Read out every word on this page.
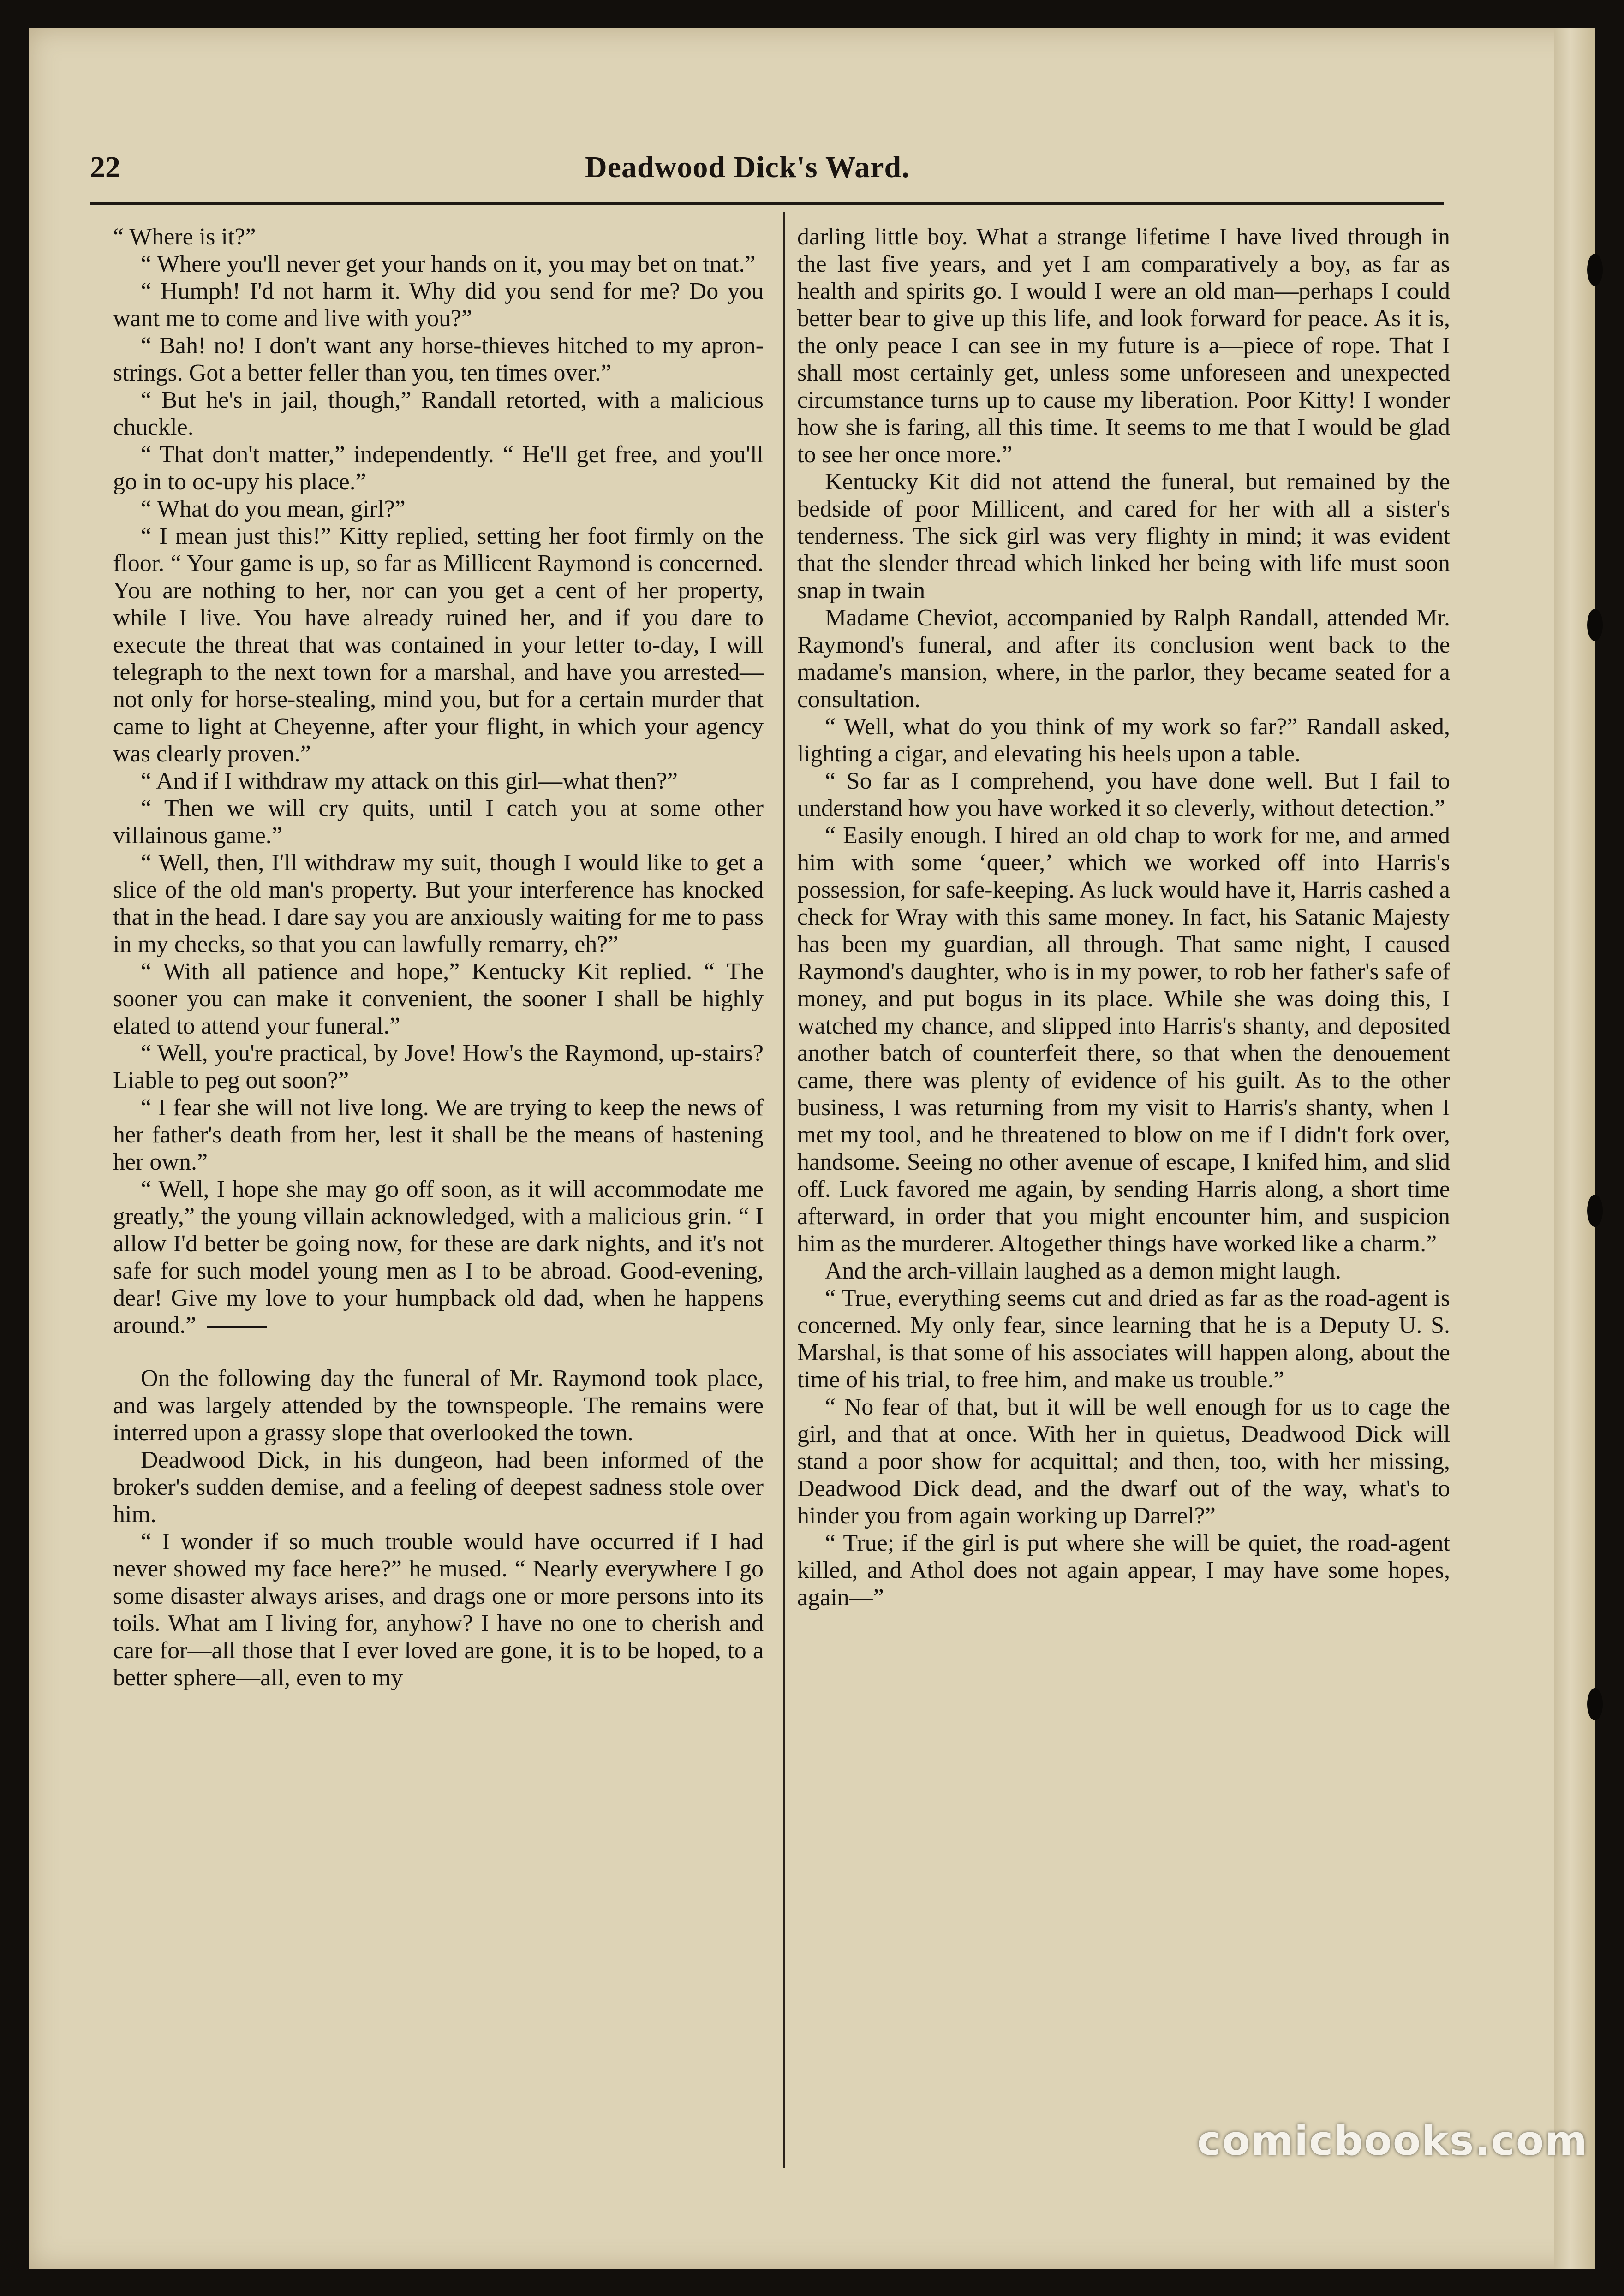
22	Deadwood Dick's Ward.

“ Where is it?”

“ Where you'll never get your hands on it, you may bet on tnat.”

“ Humph! I'd not harm it. Why did you send for me? Do you want me to come and live with you?”

“ Bah! no! I don't want any horse-thieves hitched to my apron-strings. Got a better feller than you, ten times over.”

“ But he's in jail, though,” Randall retorted, with a malicious chuckle.

“ That don't matter,” independently. “ He'll get free, and you'll go in to oc-upy his place.”

“ What do you mean, girl?”

“ I mean just this!” Kitty replied, setting her foot firmly on the floor. “ Your game is up, so far as Millicent Raymond is concerned. You are nothing to her, nor can you get a cent of her property, while I live. You have already ruined her, and if you dare to execute the threat that was contained in your letter to-day, I will telegraph to the next town for a marshal, and have you arrested—not only for horse-stealing, mind you, but for a certain murder that came to light at Cheyenne, after your flight, in which your agency was clearly proven.”

“ And if I withdraw my attack on this girl—what then?”

“ Then we will cry quits, until I catch you at some other villainous game.”

“ Well, then, I'll withdraw my suit, though I would like to get a slice of the old man's property. But your interference has knocked that in the head. I dare say you are anxiously waiting for me to pass in my checks, so that you can lawfully remarry, eh?”

“ With all patience and hope,” Kentucky Kit replied. “ The sooner you can make it convenient, the sooner I shall be highly elated to attend your funeral.”

“ Well, you're practical, by Jove! How's the Raymond, up-stairs? Liable to peg out soon?”

“ I fear she will not live long. We are trying to keep the news of her father's death from her, lest it shall be the means of hastening her own.”

“ Well, I hope she may go off soon, as it will accommodate me greatly,” the young villain acknowledged, with a malicious grin. “ I allow I'd better be going now, for these are dark nights, and it's not safe for such model young men as I to be abroad. Good-evening, dear! Give my love to your humpback old dad, when he happens around.”

On the following day the funeral of Mr. Raymond took place, and was largely attended by the townspeople. The remains were interred upon a grassy slope that overlooked the town.

Deadwood Dick, in his dungeon, had been informed of the broker's sudden demise, and a feeling of deepest sadness stole over him.

“ I wonder if so much trouble would have occurred if I had never showed my face here?” he mused. “ Nearly everywhere I go some disaster always arises, and drags one or more persons into its toils. What am I living for, anyhow? I have no one to cherish and care for—all those that I ever loved are gone, it is to be hoped, to a better sphere—all, even to my

darling little boy. What a strange lifetime I have lived through in the last five years, and yet I am comparatively a boy, as far as health and spirits go. I would I were an old man—perhaps I could better bear to give up this life, and look forward for peace. As it is, the only peace I can see in my future is a—piece of rope. That I shall most certainly get, unless some unforeseen and unexpected circumstance turns up to cause my liberation. Poor Kitty! I wonder how she is faring, all this time. It seems to me that I would be glad to see her once more.”

Kentucky Kit did not attend the funeral, but remained by the bedside of poor Millicent, and cared for her with all a sister's tenderness. The sick girl was very flighty in mind; it was evident that the slender thread which linked her being with life must soon snap in twain

Madame Cheviot, accompanied by Ralph Randall, attended Mr. Raymond's funeral, and after its conclusion went back to the madame's mansion, where, in the parlor, they became seated for a consultation.

“ Well, what do you think of my work so far?” Randall asked, lighting a cigar, and elevating his heels upon a table.

“ So far as I comprehend, you have done well. But I fail to understand how you have worked it so cleverly, without detection.”

“ Easily enough. I hired an old chap to work for me, and armed him with some ‘queer,’ which we worked off into Harris's possession, for safe-keeping. As luck would have it, Harris cashed a check for Wray with this same money. In fact, his Satanic Majesty has been my guardian, all through. That same night, I caused Raymond's daughter, who is in my power, to rob her father's safe of money, and put bogus in its place. While she was doing this, I watched my chance, and slipped into Harris's shanty, and deposited another batch of counterfeit there, so that when the denouement came, there was plenty of evidence of his guilt. As to the other business, I was returning from my visit to Harris's shanty, when I met my tool, and he threatened to blow on me if I didn't fork over, handsome. Seeing no other avenue of escape, I knifed him, and slid off. Luck favored me again, by sending Harris along, a short time afterward, in order that you might encounter him, and suspicion him as the murderer. Altogether things have worked like a charm.”

And the arch-villain laughed as a demon might laugh.

“ True, everything seems cut and dried as far as the road-agent is concerned. My only fear, since learning that he is a Deputy U. S. Marshal, is that some of his associates will happen along, about the time of his trial, to free him, and make us trouble.”

“ No fear of that, but it will be well enough for us to cage the girl, and that at once. With her in quietus, Deadwood Dick will stand a poor show for acquittal; and then, too, with her missing, Deadwood Dick dead, and the dwarf out of the way, what's to hinder you from again working up Darrel?”

“ True; if the girl is put where she will be quiet, the road-agent killed, and Athol does not again appear, I may have some hopes, again—”

comicbooks.com
